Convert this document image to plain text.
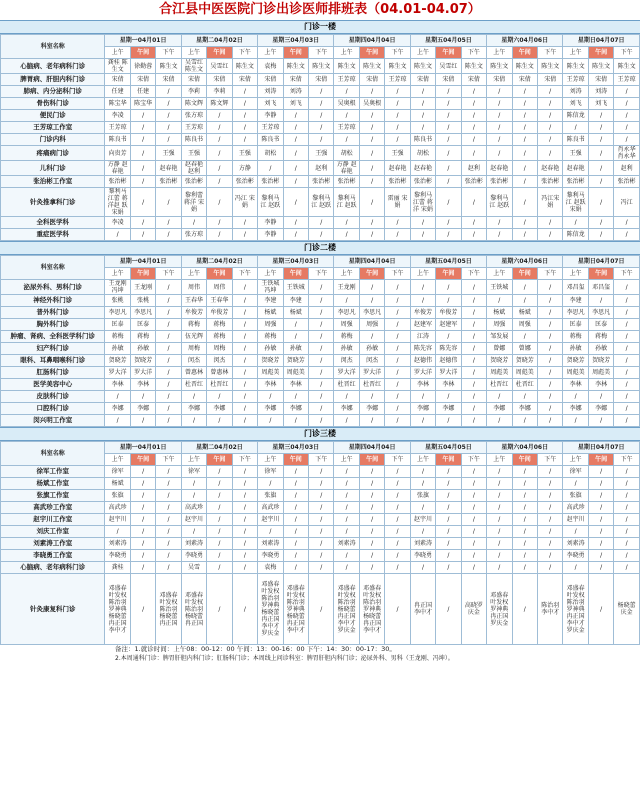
合江县中医医院门诊出诊医师排班表（04.01-04.07）
门诊一楼
科室名称	星期一04月01日			星期二04月02日			星期三04月03日			星期四04月04日			星期五04月05日			星期六04月06日			星期日04月07日		
	上午	午间	下午	上午	午间	下午	上午	午间	下午	上午	午间	下午	上午	午间	下午	上午	午间	下午	上午	午间	下午
心脑病、老年病科门诊	龚桂 陈生文	徐勤蓉	陈生文	吴雪红 陈生文	吴雪红	陈生文	袁梅	陈生文	陈生文	陈生文	陈生文	陈生文	陈生文	吴雪红	陈生文	陈生文	陈生文	陈生文	陈生文	陈生文	陈生文
脾胃病、肝胆内科门诊	宋倩	宋倩	宋倩	宋倩	宋倩	宋倩	宋倩	宋倩	宋倩	王芳琼	宋倩	王芳琼	宋倩	宋倩	宋倩	宋倩	宋倩	宋倩	王芳琼	宋倩	王芳琼
肺病、内分泌科门诊	任建	任建	/	李莉	李莉	/	刘涛	刘涛	/	/	/	/	/	/	/	/	/	/	刘涛	刘涛	/
骨伤科门诊	陈宝华	陈宝华	/	陈文辉	陈文辉	/	刘飞	刘飞	/	吴奥根	吴奥根	/	/	/	/	/	/	/	刘飞	刘飞	/
便民门诊	李凌	/	/	张方琼	/	/	李静	/	/	/	/	/	/	/	/	/	/	/	陈信龙	/	/
王芳琼工作室	王芳琼	/	/	王芳琼	/	/	王芳琼	/	/	王芳琼	/	/	/	/	/	/	/	/	/	/	/
门诊内科	陈良书	/	/	陈良书	/	/	陈良书	/	/	/	/	/	陈良书	/	/	/	/	/	陈良书	/	/
疼痛病门诊	向贵芳	/	王强	王强	/	王强	胡松	/	王强	胡松	/	王强	胡松	/	/	/	/	/	王强	/	肖永华 肖永华
儿科门诊	方静 赵春艳	/	赵春艳	赵春艳 赵利	/	方静	/	/	赵利	方静 赵春艳	/	赵春艳	赵春艳	/	赵利	赵春艳	/	赵春艳	赵春艳	/	赵利
张治彬工作室	张治彬	/	张治彬	张治彬	/	张治彬	张治彬	/	张治彬	张治彬	/	张治彬	张治彬	/	张治彬	张治彬	/	张治彬	张治彬	/	张治彬
针灸推拿科门诊	黎利马江蕾 蒋洋赵 跃宋娟	/	/	黎利蕾 蒋洋 宋娟	/	冯江 宋娟	黎利马江 赵跃	/	黎利马江 赵跃	黎利马江 赵跃	/	雷丽 宋娟	黎利马江蕾 蒋洋 宋娟	/	/	黎利马江 赵跃	/	冯江宋 娟	黎利马江 赵跃 宋娟	/	冯江
全科医学科	李凌	/	/	/	/	/	李静	/	/	/	/	/	/	/	/	/	/	/	/	/	/
重症医学科	/	/	/	张方琼	/	/	李静	/	/	/	/	/	/	/	/	/	/	/	陈信龙	/	/
门诊二楼
科室名称	星期一04月01日			星期二04月02日			星期三04月03日			星期四04月04日			星期五04月05日			星期六04月06日			星期日04月07日		
	上午	午间	下午	上午	午间	下午	上午	午间	下午	上午	午间	下午	上午	午间	下午	上午	午间	下午	上午	午间	下午
泌尿外科、男科门诊	王龙刚 冯坤	王龙刚	/	周伟	周伟	/	王铁城 冯坤	王铁城	/	王龙刚	/	/	/	/	/	王铁城	/	/	邓昌玺	邓昌玺	/
神经外科门诊	张桃	张桃	/	王春华	王春华	/	李建	李建	/	/	/	/	/	/	/	/	/	/	李建	/	/
普外科门诊	李思凡	李思凡	/	牟俊芳	牟俊芳	/	杨斌	杨斌	/	李思凡	李思凡	/	牟俊芳	牟俊芳	/	杨斌	杨斌	/	李思凡	李思凡	/
胸外科门诊	匡泰	匡泰	/	蒋梅	蒋梅	/	周强	/	/	周强	周强	/	赵建军	赵建军	/	周强	周强	/	匡泰	匡泰	/
肿瘤、肾病、全科医学科门诊	蒋梅	蒋梅	/	伍光辉	蒋梅	/	蒋梅	/	/	蒋梅	/	/	江涛	/	/	邹发展	/	/	蒋梅	蒋梅	/
妇产科门诊	孙敏	孙敏	/	周梅	周梅	/	孙敏	孙敏	/	孙敏	孙敏	/	陈先容	陈先容	/	曾娜	曾娜	/	孙敏	孙敏	/
眼科、耳鼻咽喉科门诊	贺晓芳	贺晓芳	/	闵杰	闵杰	/	贺晓芳	贺晓芳	/	闵杰	闵杰	/	赵德伟	赵德伟	/	贺晓芳	贺晓芳	/	贺晓芳	贺晓芳	/
肛肠科门诊	罗大洋	罗大洋	/	曾惠林	曾惠林	/	周彪美	周彪美	/	罗大洋	罗大洋	/	罗大洋	罗大洋	/	周彪美	周彪美	/	周彪美	周彪美	/
医学美容中心	李林	李林	/	杜晋红	杜晋红	/	李林	李林	/	杜晋红	杜晋红	/	李林	李林	/	杜晋红	杜晋红	/	李林	李林	/
皮肤科门诊	/	/	/	/	/	/	/	/	/	/	/	/	/	/	/	/	/	/	/	/	/
口腔科门诊	李娜	李娜	/	李娜	李娜	/	李娜	李娜	/	李娜	李娜	/	李娜	李娜	/	李娜	李娜	/	李娜	李娜	/
闵兴明工作室	/	/	/	/	/	/	/	/	/	/	/	/	/	/	/	/	/	/	/	/	/
门诊三楼
科室名称	星期一04月01日			星期二04月02日			星期三04月03日			星期四04月04日			星期五04月05日			星期六04月06日			星期日04月07日		
	上午	午间	下午	上午	午间	下午	上午	午间	下午	上午	午间	下午	上午	午间	下午	上午	午间	下午	上午	午间	下午
徐军工作室	徐军	/	/	徐军	/	/	徐军	/	/	/	/	/	/	/	/	/	/	/	徐军	/	/
杨斌工作室	杨斌	/	/	/	/	/	/	/	/	/	/	/	/	/	/	/	/	/	/	/	/
张旗工作室	张旗	/	/	/	/	/	张旗	/	/	/	/	/	张旗	/	/	/	/	/	张旗	/	/
高武珍工作室	高武珍	/	/	高武珍	/	/	高武珍	/	/	/	/	/	/	/	/	/	/	/	高武珍	/	/
赵宇川工作室	赵宇川	/	/	赵宇川	/	/	赵宇川	/	/	/	/	/	赵宇川	/	/	/	/	/	赵宇川	/	/
刘庆工作室	/	/	/	/	/	/	/	/	/	/	/	/	/	/	/	/	/	/	/	/	/
刘素涛工作室	刘素涛	/	/	刘素涛	/	/	刘素涛	/	/	刘素涛	/	/	刘素涛	/	/	/	/	/	刘素涛	/	/
李晓勇工作室	李晓勇	/	/	李晓勇	/	/	李晓勇	/	/	/	/	/	李晓勇	/	/	/	/	/	李晓勇	/	/
心脑病、老年病科门诊	龚桂	/	/	吴雪	/	/	袁梅	/	/	/	/	/	/	/	/	/	/	/	/	/	/
针灸康复科门诊	邓盛春 叶发权 陈治羽 罗神典 杨晓蕾 冉正国 李中才	/	邓盛春 叶发权 陈治羽 杨晓蕾 冉正国	邓盛春 叶发权 陈治羽 杨晓蕾 冉正国	/	/	邓盛春 叶发权 陈治羽 罗神典 杨晓蕾 冉正国 李中才 罗庆金	邓盛春 叶发权 陈治羽 罗神典 杨晓蕾 冉正国 李中才	/	邓盛春 叶发权 陈治羽 杨晓蕾 冉正国 李中才 罗庆金	邓盛春 叶发权 陈治羽 罗神典 杨晓蕾 冉正国 李中才	/	冉正国 李中才	/	高晓罗 庆金	邓盛春 叶发权 罗神典 冉正国 罗庆金	/	陈治羽 李中才	邓盛春 叶发权 陈治羽 罗神典 冉正国 李中才 罗庆金	/	杨晓蕾 庆金
备注：1.就诊时间：上午08：00-12：00 午间：13：00-16：00 下午：14：30：00-17：30。
2.本周通科门诊：脾胃肝胆内科门诊；肛肠科门诊；本周线上问诊科室：脾胃肝胆内科门诊；泌尿外科、男科（王龙刚、冯坤）。
